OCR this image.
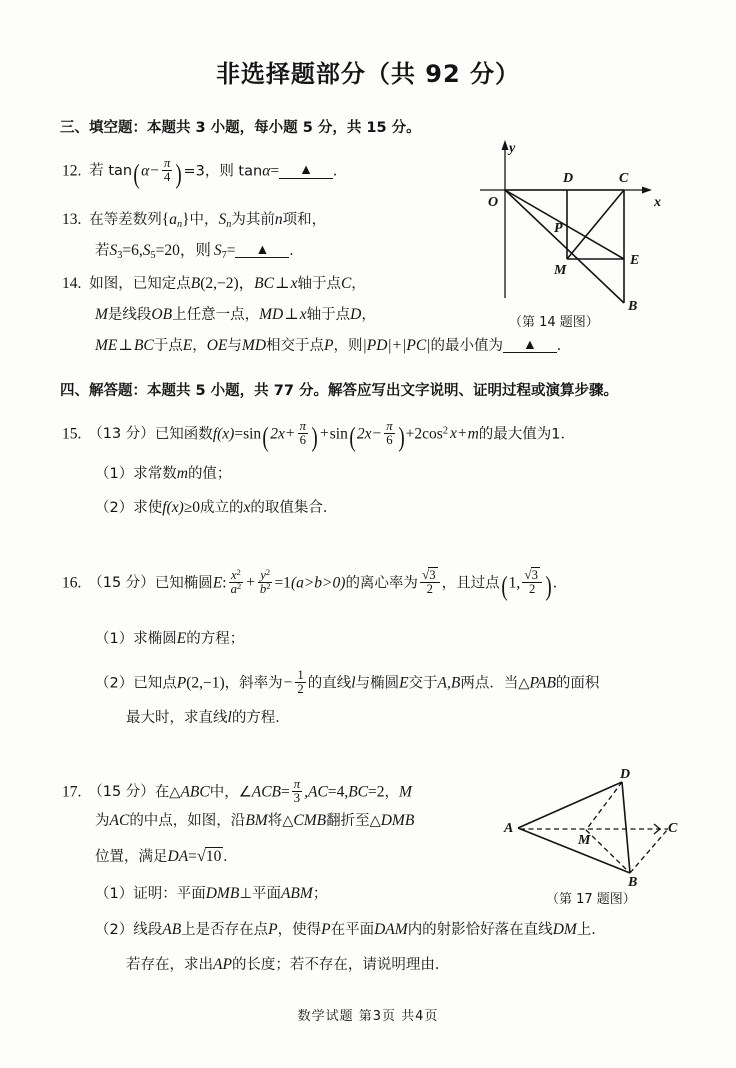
非选择题部分（共 92 分）
三、填空题：本题共 3 小题，每小题 5 分，共 15 分。
12. 若 $\tan(\alpha- \frac{\pi}{4} )=3$，则 tanα= ▲ .
13. 在等差数列$\{a_n\}$中，$S_n$为其前n项和，
若$S_3=6,S_5=20$，则 $S_7=$ ▲ .
14. 如图，已知定点B(2,−2)，BC⊥x轴于点C，
M是线段OB上任意一点，MD⊥x轴于点D，
ME⊥BC于点E，OE与MD相交于点P，则|PD|+|PC|的最小值为 ▲ .
O
D	C
P
M
E
B
x
y
（第 14 题图）
四、解答题：本题共 5 小题，共 77 分。解答应写出文字说明、证明过程或演算步骤。
15. （13 分）已知函数$f(x)=\sin(2x+ \frac{\pi}{6}$ ) $+\sin(2x- \frac{\pi}{6} )+2\cos^2$ x+m的最大值为1．
（1）求常数m的值；
（2）求使f(x)≥0成立的x的取值集合．
16. （15 分）已知椭圆E: $\frac{x^2}{a^2} + \frac{y^2}{b^2} =1(a>b>0)$的离心率为 $\frac{√3}{2}$ ，且过点(1, $\frac{√3}{2}$ ).
（1）求椭圆E的方程；
（2）已知点P(2,−1)，斜率为− $\frac{1}{2}$ 的直线l与椭圆E交于A,B两点．当△PAB的面积
最大时，求直线l的方程．
17. （15 分）在△ABC中，∠ACB= $\frac{\pi}{3} ,AC=4,BC=2$，M
为AC的中点，如图，沿BM将△CMB翻折至△DMB
位置，满足DA=√10 .
A
D
M
C
B
（第 17 题图）
（1）证明：平面DMB⊥平面ABM；
（2）线段AB上是否存在点P，使得P在平面DAM内的射影恰好落在直线DM上．
若存在，求出AP的长度；若不存在，请说明理由．
数学试题 第3页 共4页
